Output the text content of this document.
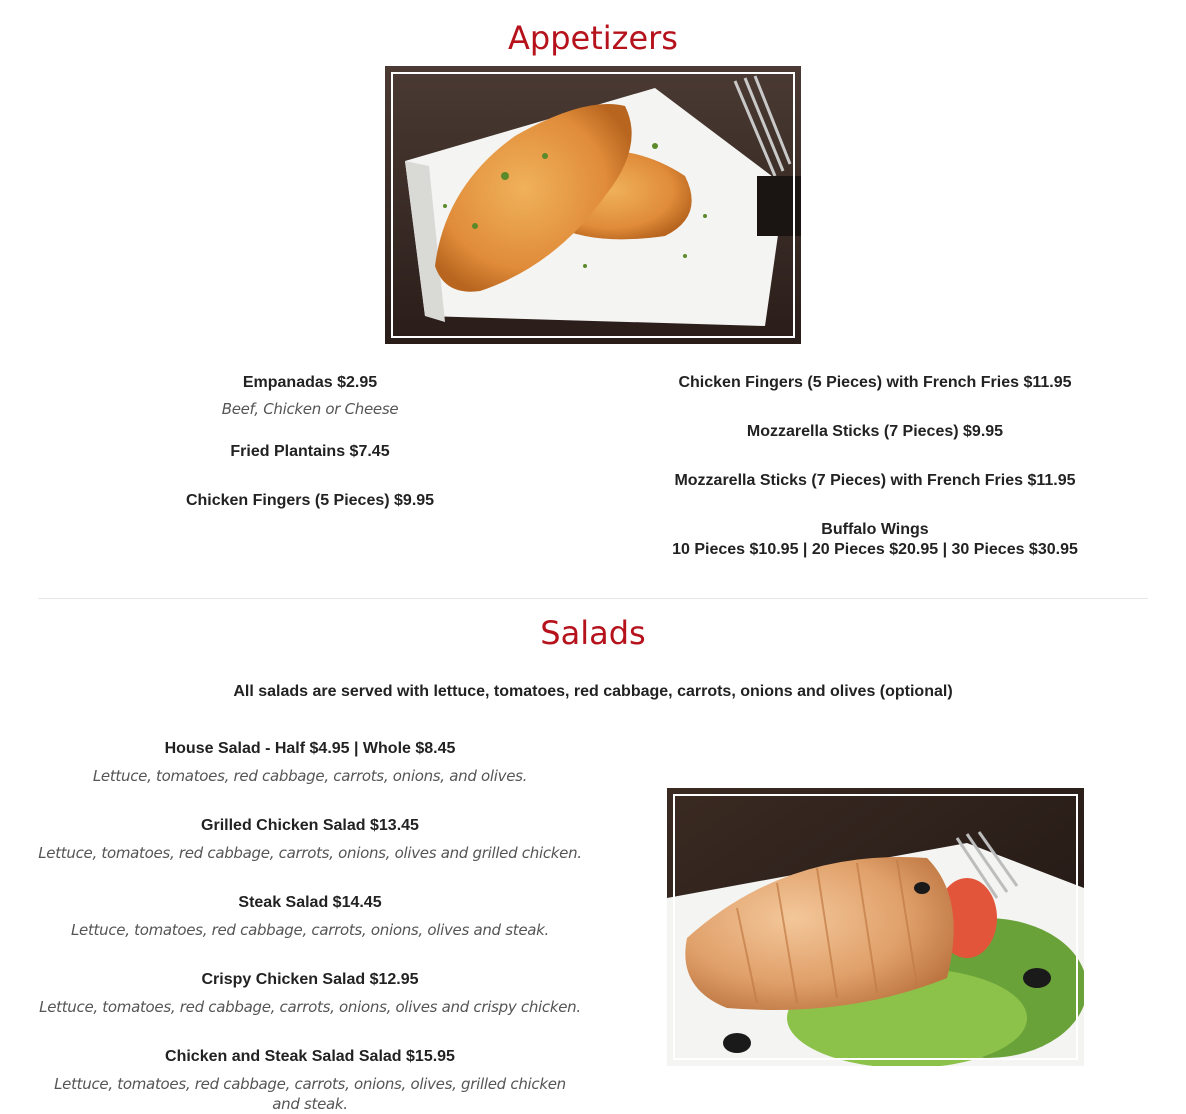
Appetizers
Empanadas $2.95
Beef, Chicken or Cheese
Fried Plantains $7.45
Chicken Fingers (5 Pieces) $9.95
Chicken Fingers (5 Pieces) with French Fries $11.95
Mozzarella Sticks (7 Pieces) $9.95
Mozzarella Sticks (7 Pieces) with French Fries $11.95
Buffalo Wings
10 Pieces $10.95 | 20 Pieces $20.95 | 30 Pieces $30.95
Salads
All salads are served with lettuce, tomatoes, red cabbage, carrots, onions and olives (optional)
House Salad - Half $4.95 | Whole $8.45
Lettuce, tomatoes, red cabbage, carrots, onions, and olives.
Grilled Chicken Salad $13.45
Lettuce, tomatoes, red cabbage, carrots, onions, olives and grilled chicken.
Steak Salad $14.45
Lettuce, tomatoes, red cabbage, carrots, onions, olives and steak.
Crispy Chicken Salad $12.95
Lettuce, tomatoes, red cabbage, carrots, onions, olives and crispy chicken.
Chicken and Steak Salad Salad $15.95
Lettuce, tomatoes, red cabbage, carrots, onions, olives, grilled chicken and steak.
